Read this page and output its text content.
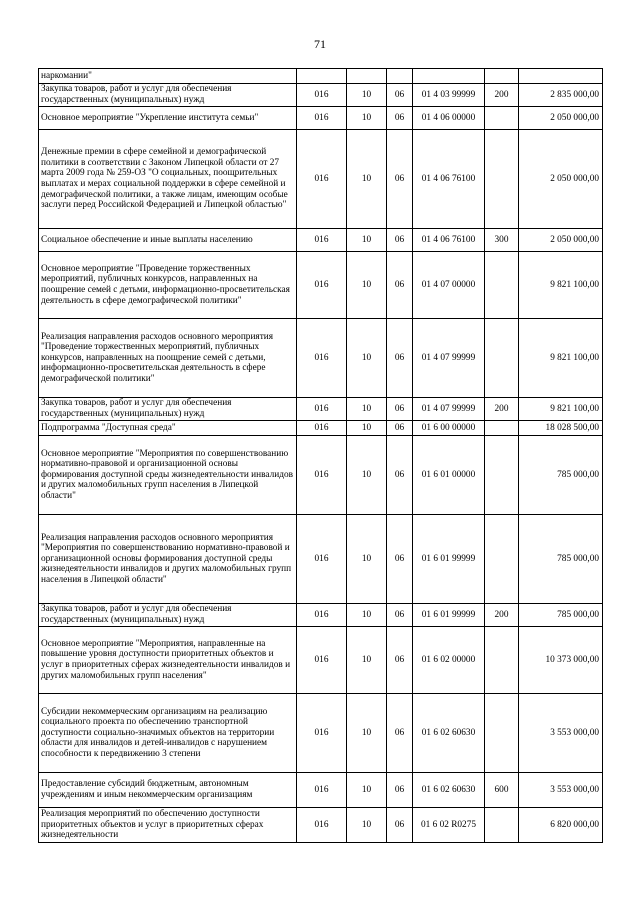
71
наркомании"						
Закупка товаров, работ и услуг для обеспечения государственных (муниципальных) нужд	016	10	06	01 4 03 99999	200	2 835 000,00
Основное мероприятие "Укрепление института семьи"	016	10	06	01 4 06 00000		2 050 000,00
Денежные премии в сфере семейной и демографической политики в соответствии с Законом Липецкой области от 27 марта 2009 года № 259-ОЗ "О социальных, поощрительных выплатах и мерах социальной поддержки в сфере семейной и демографической политики, а также лицам, имеющим особые заслуги перед Российской Федерацией и Липецкой областью"	016	10	06	01 4 06 76100		2 050 000,00
Социальное обеспечение и иные выплаты населению	016	10	06	01 4 06 76100	300	2 050 000,00
Основное мероприятие "Проведение торжественных мероприятий, публичных конкурсов, направленных на поощрение семей с детьми, информационно-просветительская деятельность в сфере демографической политики"	016	10	06	01 4 07 00000		9 821 100,00
Реализация направления расходов основного мероприятия "Проведение торжественных мероприятий, публичных конкурсов, направленных на поощрение семей с детьми, информационно-просветительская деятельность в сфере демографической политики"	016	10	06	01 4 07 99999		9 821 100,00
Закупка товаров, работ и услуг для обеспечения государственных (муниципальных) нужд	016	10	06	01 4 07 99999	200	9 821 100,00
Подпрограмма "Доступная среда"	016	10	06	01 6 00 00000		18 028 500,00
Основное мероприятие "Мероприятия по совершенствованию нормативно-правовой и организационной основы формирования доступной среды жизнедеятельности инвалидов и других маломобильных групп населения в Липецкой области"	016	10	06	01 6 01 00000		785 000,00
Реализация направления расходов основного мероприятия "Мероприятия по совершенствованию нормативно-правовой и организационной основы формирования доступной среды жизнедеятельности инвалидов и других маломобильных групп населения в Липецкой области"	016	10	06	01 6 01 99999		785 000,00
Закупка товаров, работ и услуг для обеспечения государственных (муниципальных) нужд	016	10	06	01 6 01 99999	200	785 000,00
Основное мероприятие "Мероприятия, направленные на повышение уровня доступности приоритетных объектов и услуг в приоритетных сферах жизнедеятельности инвалидов и других маломобильных групп населения"	016	10	06	01 6 02 00000		10 373 000,00
Субсидии некоммерческим организациям на реализацию социального проекта по обеспечению транспортной доступности социально-значимых объектов на территории области для инвалидов и детей-инвалидов с нарушением способности к передвижению 3 степени	016	10	06	01 6 02 60630		3 553 000,00
Предоставление субсидий бюджетным, автономным учреждениям и иным некоммерческим организациям	016	10	06	01 6 02 60630	600	3 553 000,00
Реализация мероприятий по обеспечению доступности приоритетных объектов и услуг в приоритетных сферах жизнедеятельности	016	10	06	01 6 02 R0275		6 820 000,00
